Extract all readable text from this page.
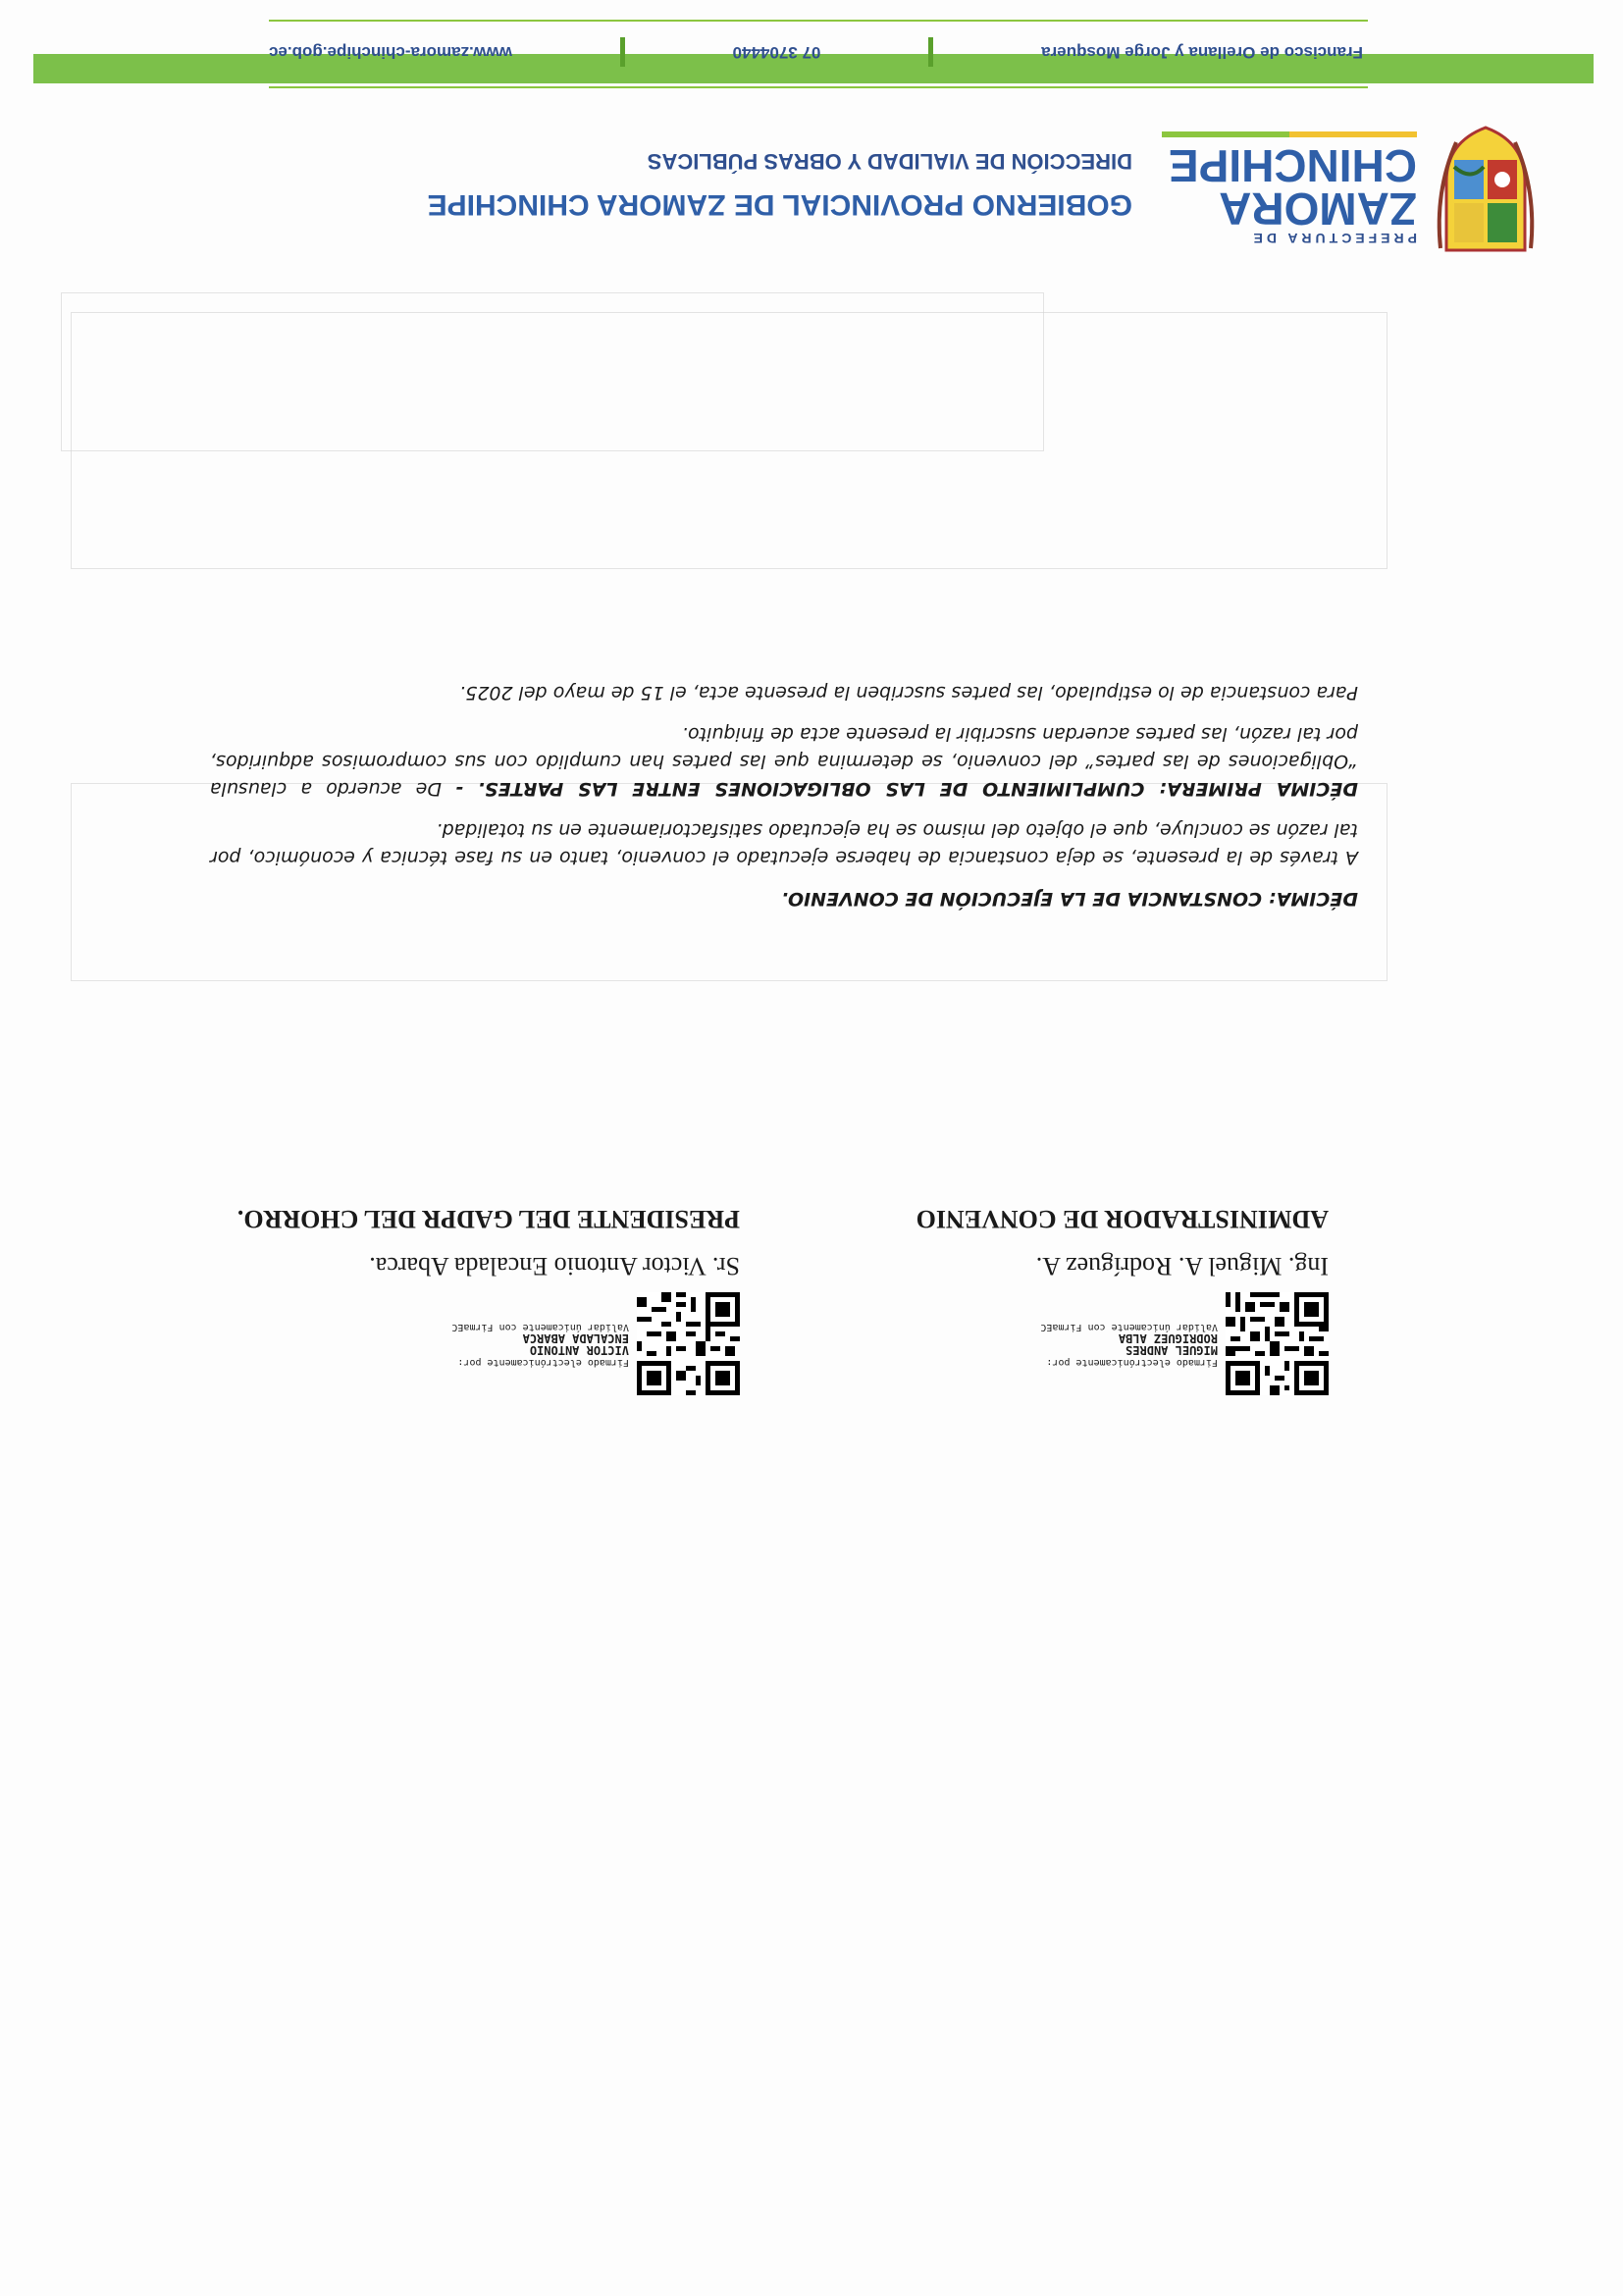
PREFECTURA DE
ZAMORA
CHINCHIPE
GOBIERNO PROVINCIAL DE ZAMORA CHINCHIPE
DIRECCIÓN DE VIALIDAD Y OBRAS PÚBLICAS

DÉCIMA: CONSTANCIA DE LA EJECUCIÓN DE CONVENIO.

A través de la presente, se deja constancia de haberse ejecutado el convenio, tanto en su fase técnica y económico, por tal razón se concluye, que el objeto del mismo se ha ejecutado satisfactoriamente en su totalidad.

DÉCIMA PRIMERA: CUMPLIMIENTO DE LAS OBLIGACIONES ENTRE LAS PARTES. - De acuerdo a clausula “Obligaciones de las partes” del convenio, se determina que las partes han cumplido con sus compromisos adquiridos, por tal razón, las partes acuerdan suscribir la presente acta de finiquito.

Para constancia de lo estipulado, las partes suscriben la presente acta, el 15 de mayo del 2025.

Firmado electrónicamente por:
MIGUEL ANDRES
RODRIGUEZ ALBA
Validar únicamente con FirmaEC
Ing. Miguel A. Rodríguez A.
ADMINISTRADOR DE CONVENIO
Firmado electrónicamente por:
VICTOR ANTONIO
ENCALADA ABARCA
Validar únicamente con FirmaEC
Sr. Victor Antonio Encalada Abarca.
PRESIDENTE DEL GADPR DEL CHORRO.
Francisco de Orellana y Jorge Mosquera
07 3704440
www.zamora-chinchipe.gob.ec
